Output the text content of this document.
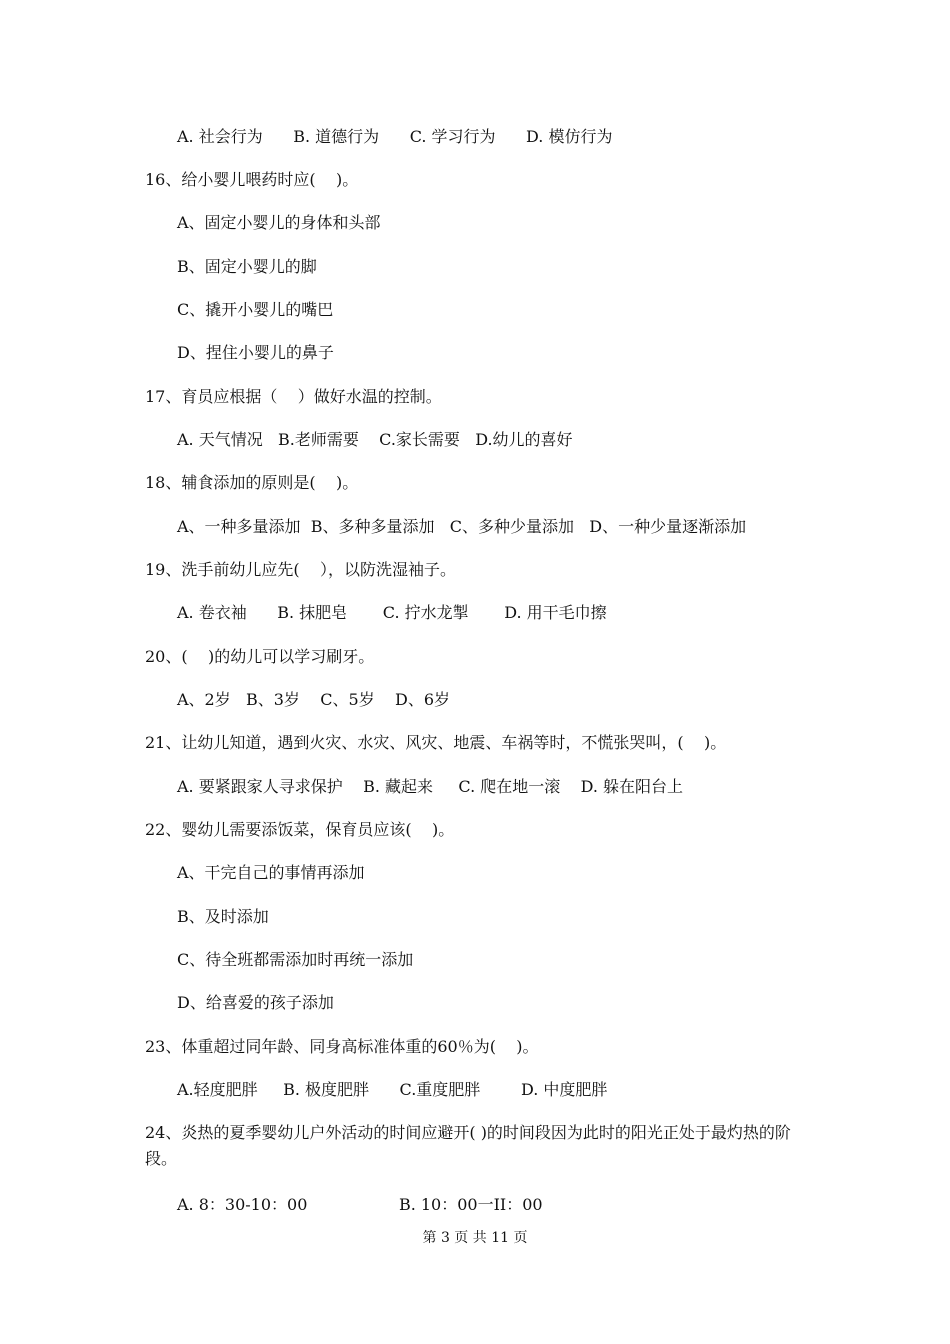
A. 社会行为      B. 道德行为      C. 学习行为      D. 模仿行为
16、给小婴儿喂药时应(    )。
A、固定小婴儿的身体和头部
B、固定小婴儿的脚
C、撬开小婴儿的嘴巴
D、捏住小婴儿的鼻子
17、育员应根据（    ）做好水温的控制。
A. 天气情况   B.老师需要    C.家长需要   D.幼儿的喜好
18、辅食添加的原则是(    )。
A、一种多量添加  B、多种多量添加   C、多种少量添加   D、一种少量逐渐添加
19、洗手前幼儿应先(    ），以防洗湿袖子。
A. 卷衣袖      B. 抹肥皂       C. 拧水龙掣       D. 用干毛巾擦
20、(    )的幼儿可以学习刷牙。
A、2岁   B、3岁    C、5岁    D、6岁
21、让幼儿知道，遇到火灾、水灾、风灾、地震、车祸等时，不慌张哭叫，(    )。
A. 要紧跟家人寻求保护    B. 藏起来     C. 爬在地一滚    D. 躲在阳台上
22、婴幼儿需要添饭菜，保育员应该(    )。
A、干完自己的事情再添加
B、及时添加
C、待全班都需添加时再统一添加
D、给喜爱的孩子添加
23、体重超过同年龄、同身高标准体重的60％为(    )。
A.轻度肥胖     B. 极度肥胖      C.重度肥胖        D. 中度肥胖
24、炎热的夏季婴幼儿户外活动的时间应避开( )的时间段因为此时的阳光正处于最灼热的阶段。
A. 8：30-10：00                  B. 10：00一II：00
第 3 页 共 11 页
